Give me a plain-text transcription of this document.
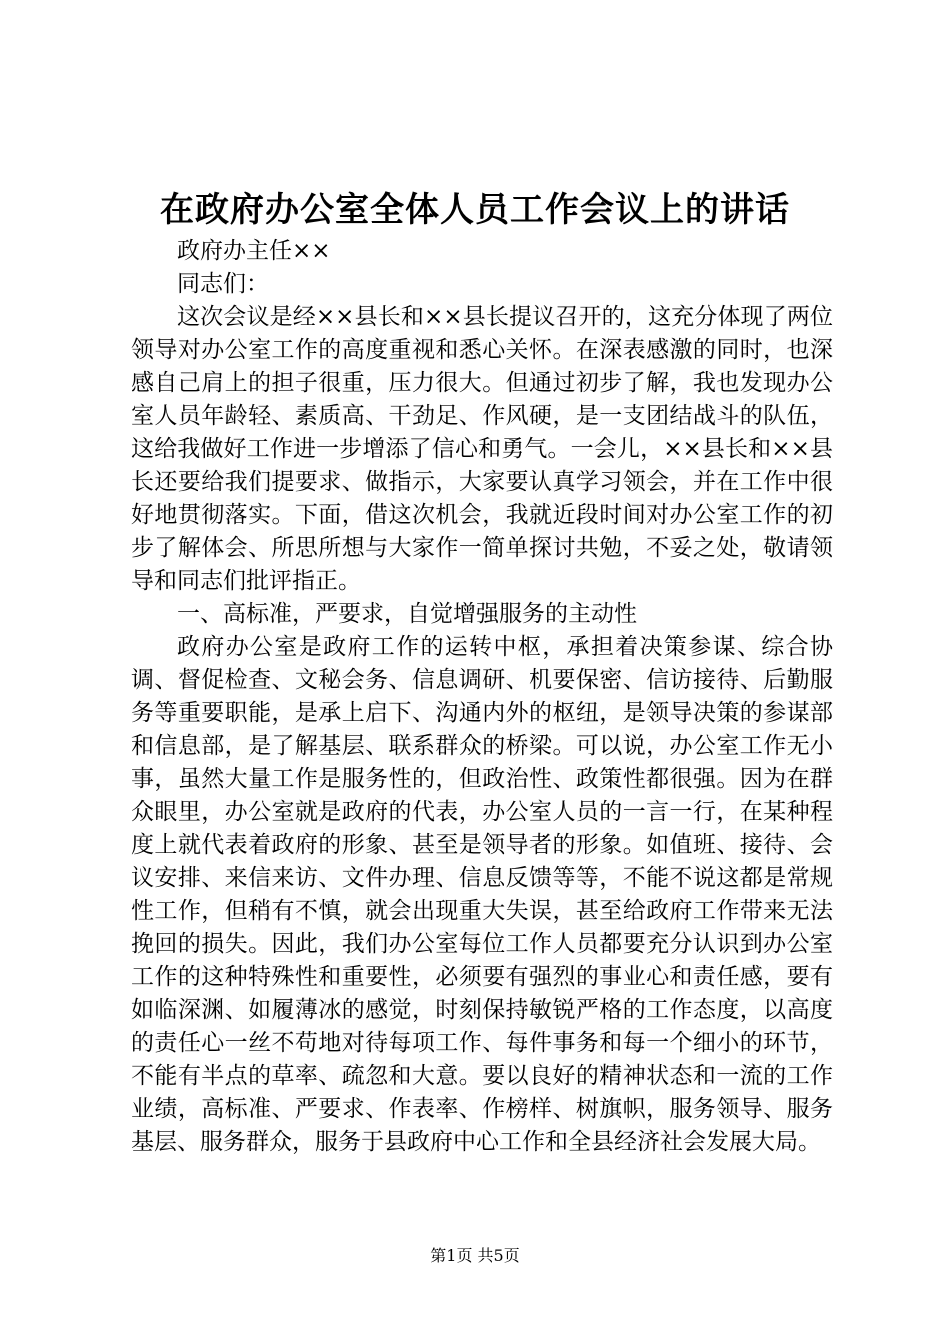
在政府办公室全体人员工作会议上的讲话

政府办主任××

同志们：

这次会议是经××县长和××县长提议召开的，这充分体现了两位领导对办公室工作的高度重视和悉心关怀。在深表感激的同时，也深感自己肩上的担子很重，压力很大。但通过初步了解，我也发现办公室人员年龄轻、素质高、干劲足、作风硬，是一支团结战斗的队伍，这给我做好工作进一步增添了信心和勇气。一会儿，××县长和××县长还要给我们提要求、做指示，大家要认真学习领会，并在工作中很好地贯彻落实。下面，借这次机会，我就近段时间对办公室工作的初步了解体会、所思所想与大家作一简单探讨共勉，不妥之处，敬请领导和同志们批评指正。

一、高标准，严要求，自觉增强服务的主动性

政府办公室是政府工作的运转中枢，承担着决策参谋、综合协调、督促检查、文秘会务、信息调研、机要保密、信访接待、后勤服务等重要职能，是承上启下、沟通内外的枢纽，是领导决策的参谋部和信息部，是了解基层、联系群众的桥梁。可以说，办公室工作无小事，虽然大量工作是服务性的，但政治性、政策性都很强。因为在群众眼里，办公室就是政府的代表，办公室人员的一言一行，在某种程度上就代表着政府的形象、甚至是领导者的形象。如值班、接待、会议安排、来信来访、文件办理、信息反馈等等，不能不说这都是常规性工作，但稍有不慎，就会出现重大失误，甚至给政府工作带来无法挽回的损失。因此，我们办公室每位工作人员都要充分认识到办公室工作的这种特殊性和重要性，必须要有强烈的事业心和责任感，要有如临深渊、如履薄冰的感觉，时刻保持敏锐严格的工作态度，以高度的责任心一丝不苟地对待每项工作、每件事务和每一个细小的环节，不能有半点的草率、疏忽和大意。要以良好的精神状态和一流的工作业绩，高标准、严要求、作表率、作榜样、树旗帜，服务领导、服务基层、服务群众，服务于县政府中心工作和全县经济社会发展大局。

第1页 共5页
